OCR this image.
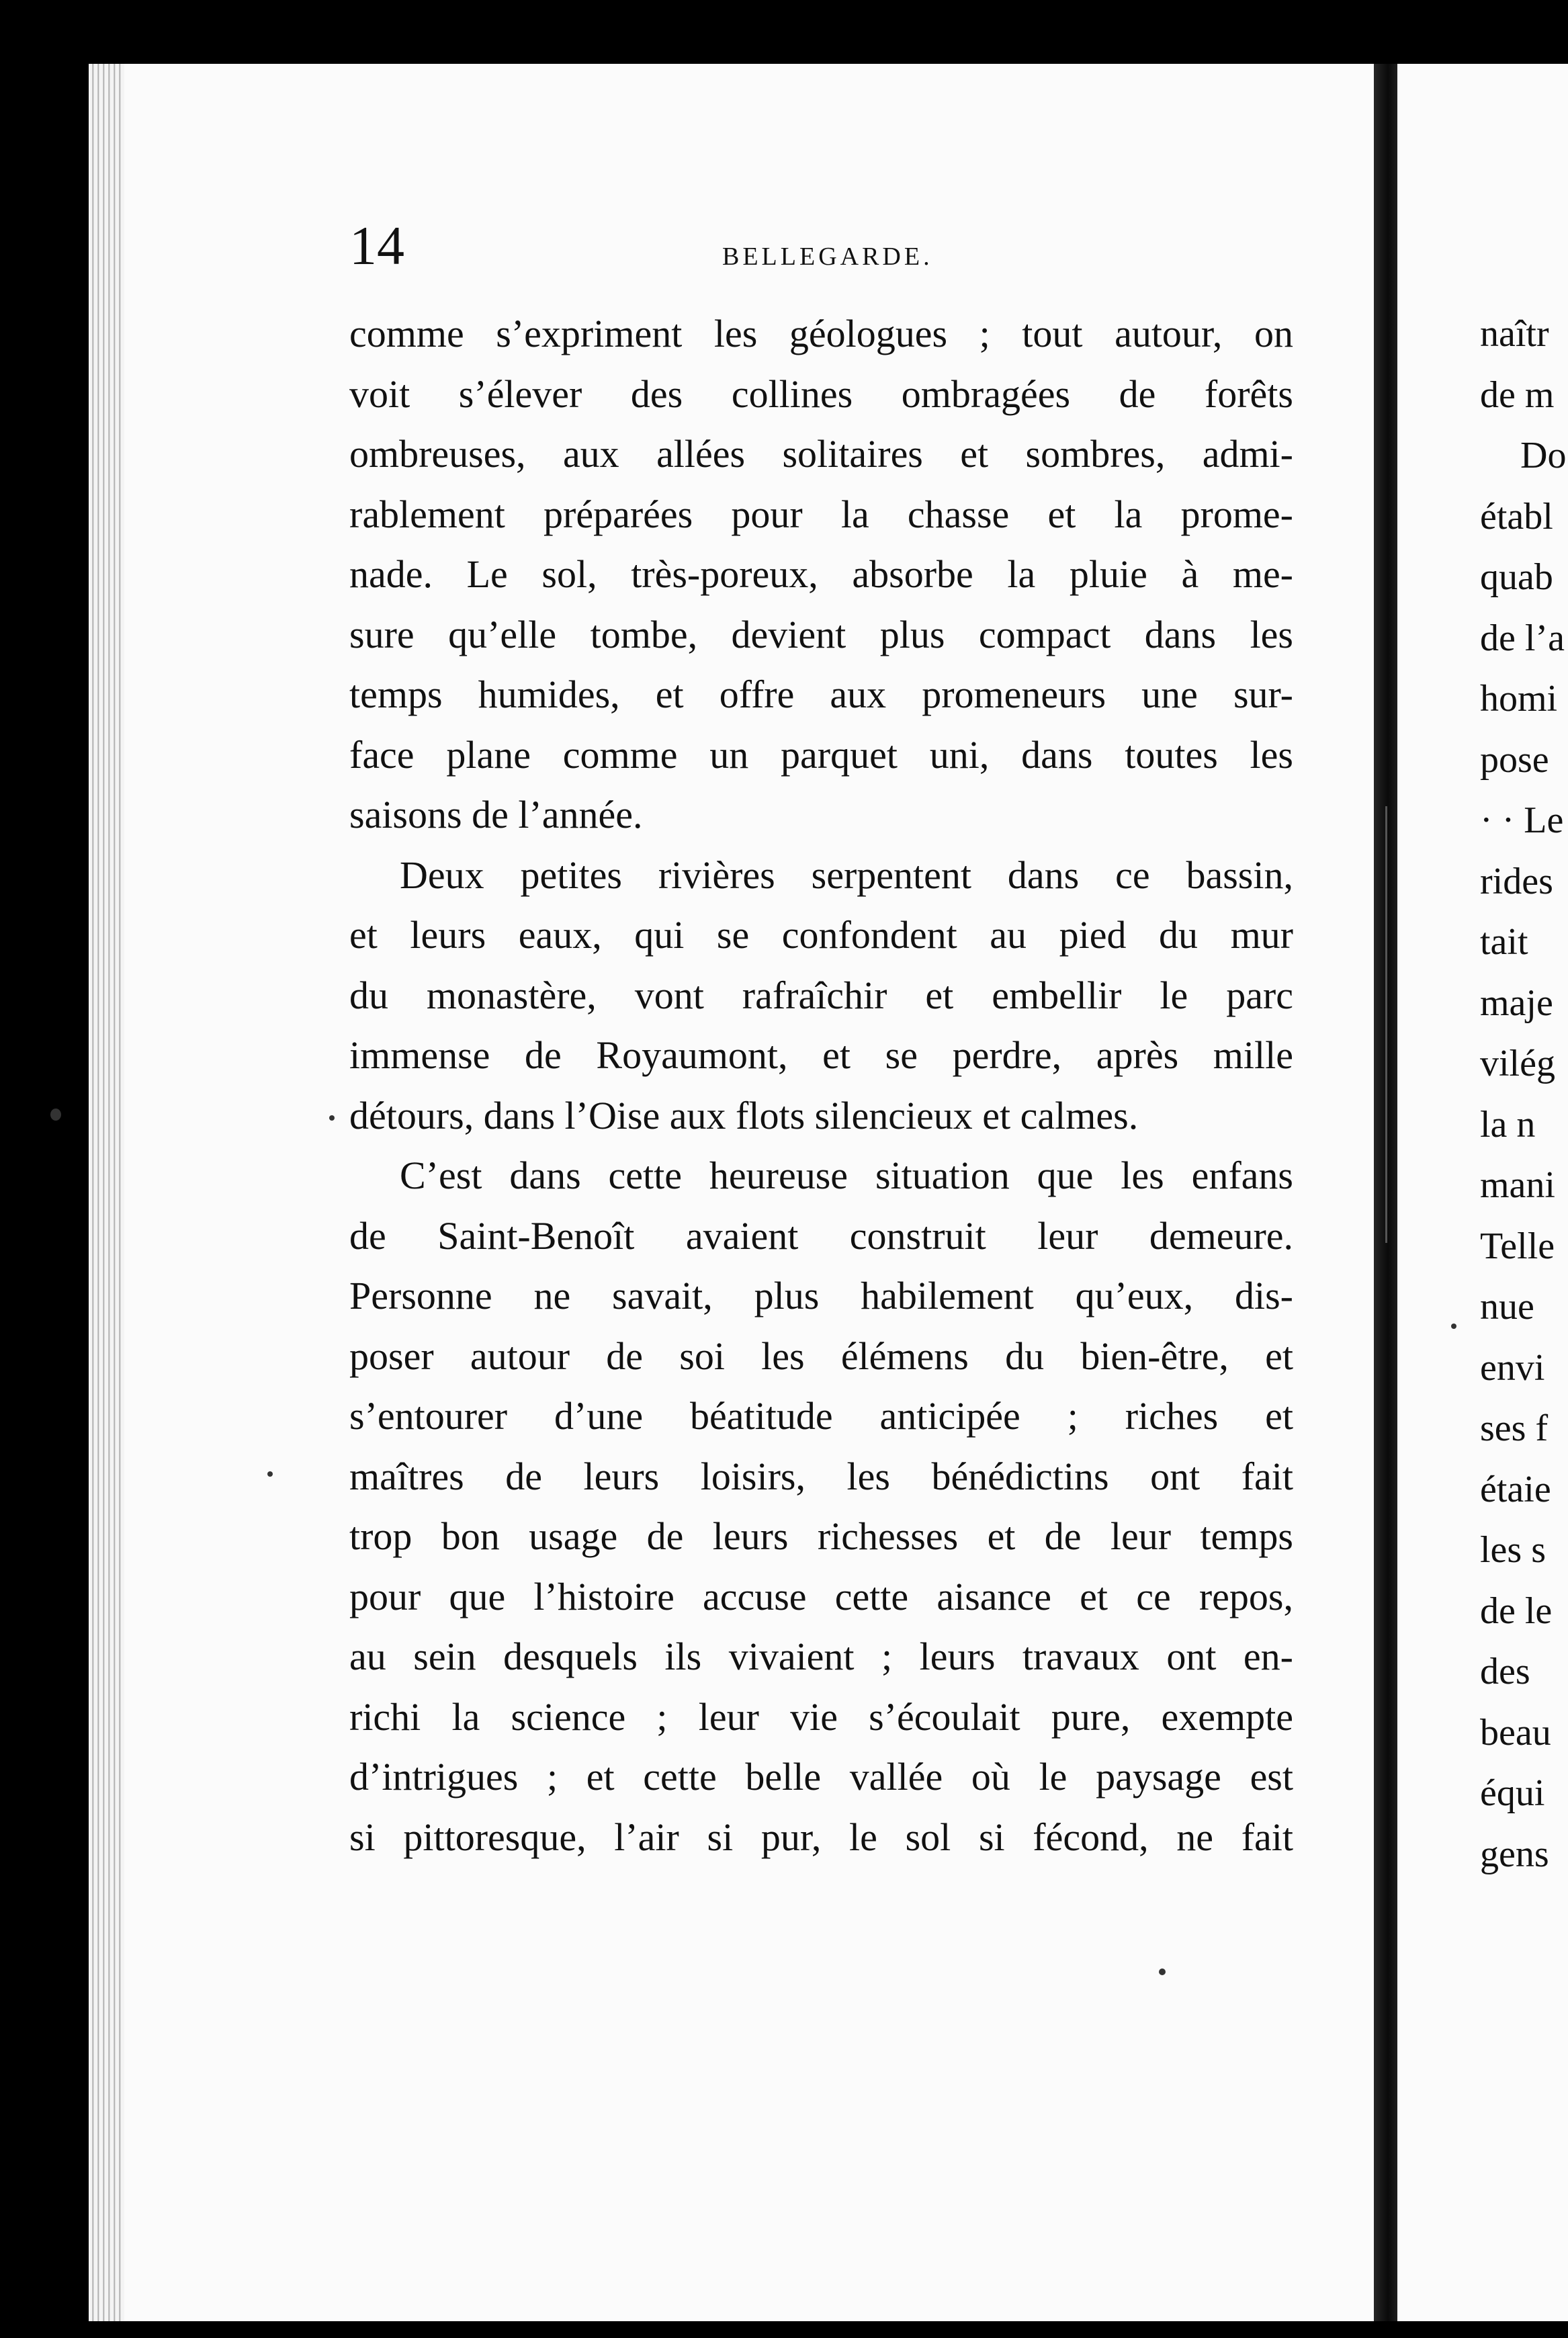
14	BELLEGARDE.
comme s’expriment les géologues ; tout autour, on
voit s’élever des collines ombragées de forêts
ombreuses, aux allées solitaires et sombres, admi-
rablement préparées pour la chasse et la prome-
nade. Le sol, très-poreux, absorbe la pluie à me-
sure qu’elle tombe, devient plus compact dans les
temps humides, et offre aux promeneurs une sur-
face plane comme un parquet uni, dans toutes les
saisons de l’année.
Deux petites rivières serpentent dans ce bassin,
et leurs eaux, qui se confondent au pied du mur
du monastère, vont rafraîchir et embellir le parc
immense de Royaumont, et se perdre, après mille
détours, dans l’Oise aux flots silencieux et calmes.
C’est dans cette heureuse situation que les enfans
de Saint-Benoît avaient construit leur demeure.
Personne ne savait, plus habilement qu’eux, dis-
poser autour de soi les élémens du bien-être, et
s’entourer d’une béatitude anticipée ; riches et
maîtres de leurs loisirs, les bénédictins ont fait
trop bon usage de leurs richesses et de leur temps
pour que l’histoire accuse cette aisance et ce repos,
au sein desquels ils vivaient ; leurs travaux ont en-
richi la science ; leur vie s’écoulait pure, exempte
d’intrigues ; et cette belle vallée où le paysage est
si pittoresque, l’air si pur, le sol si fécond, ne fait
naîtr
de m
Do
établ
quab
de l’a
homi
pose
· · Le
rides
tait
maje
vilég
la n
mani
Telle
nue
envi
ses f
étaie
les s
de le
des
beau
équi
gens
